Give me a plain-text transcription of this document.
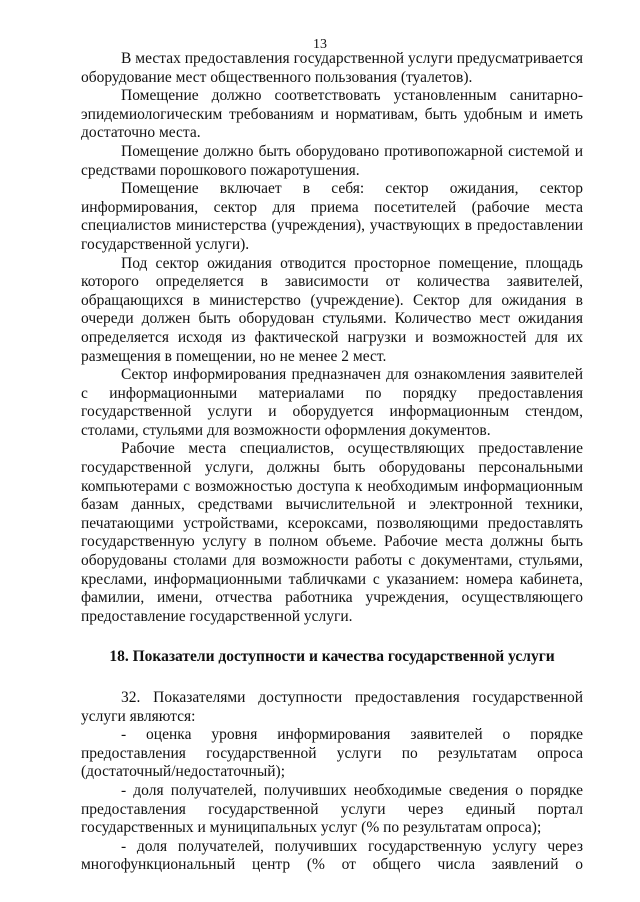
13

В местах предоставления государственной услуги предусматривается оборудование мест общественного пользования (туалетов).

Помещение должно соответствовать установленным санитарно-эпидемиологическим требованиям и нормативам, быть удобным и иметь достаточно места.

Помещение должно быть оборудовано противопожарной системой и средствами порошкового пожаротушения.

Помещение включает в себя: сектор ожидания, сектор информирования, сектор для приема посетителей (рабочие места специалистов министерства (учреждения), участвующих в предоставлении государственной услуги).

Под сектор ожидания отводится просторное помещение, площадь которого определяется в зависимости от количества заявителей, обращающихся в министерство (учреждение). Сектор для ожидания в очереди должен быть оборудован стульями. Количество мест ожидания определяется исходя из фактической нагрузки и возможностей для их размещения в помещении, но не менее 2 мест.

Сектор информирования предназначен для ознакомления заявителей с информационными материалами по порядку предоставления государственной услуги и оборудуется информационным стендом, столами, стульями для возможности оформления документов.

Рабочие места специалистов, осуществляющих предоставление государственной услуги, должны быть оборудованы персональными компьютерами с возможностью доступа к необходимым информационным базам данных, средствами вычислительной и электронной техники, печатающими устройствами, ксероксами, позволяющими предоставлять государственную услугу в полном объеме. Рабочие места должны быть оборудованы столами для возможности работы с документами, стульями, креслами, информационными табличками с указанием: номера кабинета, фамилии, имени, отчества работника учреждения, осуществляющего предоставление государственной услуги.

18. Показатели доступности и качества государственной услуги

32. Показателями доступности предоставления государственной услуги являются:

- оценка уровня информирования заявителей о порядке предоставления государственной услуги по результатам опроса (достаточный/недостаточный);

- доля получателей, получивших необходимые сведения о порядке предоставления государственной услуги через единый портал государственных и муниципальных услуг (% по результатам опроса);

- доля получателей, получивших государственную услугу через многофункциональный центр (% от общего числа заявлений о
